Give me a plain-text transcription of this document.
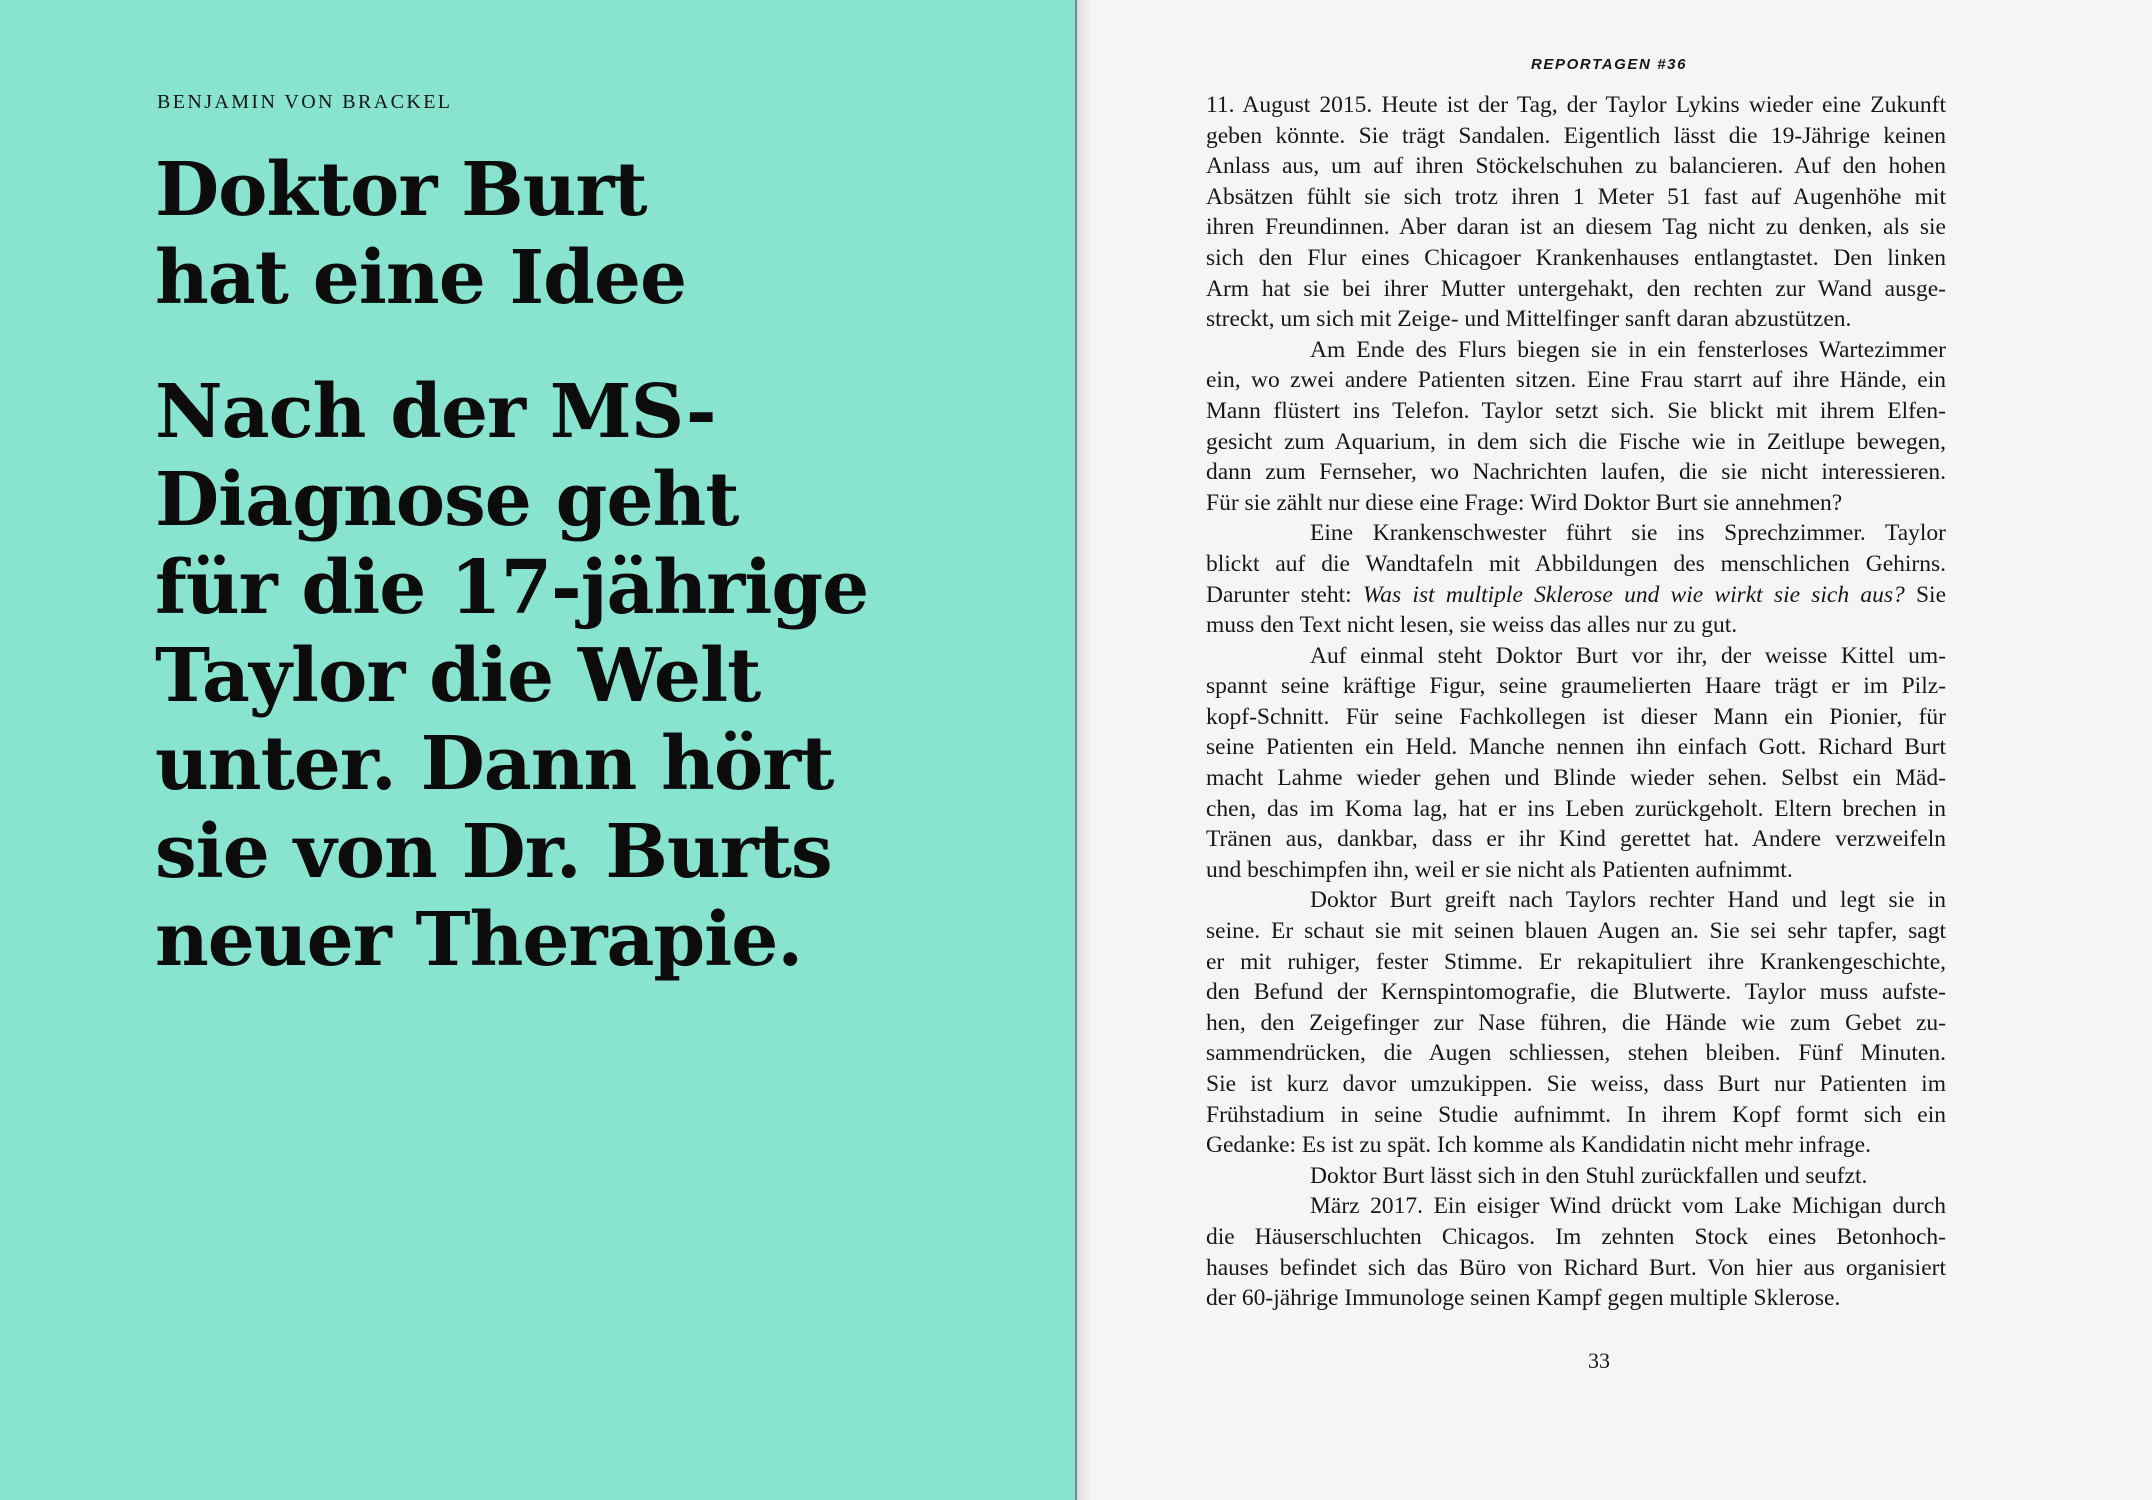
BENJAMIN VON BRACKEL
Doktor Burt
hat eine Idee
Nach der MS-
Diagnose geht
für die 17-jährige
Taylor die Welt
unter. Dann hört
sie von Dr. Burts
neuer Therapie.
REPORTAGEN #36
11. August 2015. Heute ist der Tag, der Taylor Lykins wieder eine Zukunft
geben könnte. Sie trägt Sandalen. Eigentlich lässt die 19-Jährige keinen
Anlass aus, um auf ihren Stöckelschuhen zu balancieren. Auf den hohen
Absätzen fühlt sie sich trotz ihren 1 Meter 51 fast auf Augenhöhe mit
ihren Freundinnen. Aber daran ist an diesem Tag nicht zu denken, als sie
sich den Flur eines Chicagoer Krankenhauses entlangtastet. Den linken
Arm hat sie bei ihrer Mutter untergehakt, den rechten zur Wand ausge-
streckt, um sich mit Zeige- und Mittelfinger sanft daran abzustützen.
Am Ende des Flurs biegen sie in ein fensterloses Wartezimmer
ein, wo zwei andere Patienten sitzen. Eine Frau starrt auf ihre Hände, ein
Mann flüstert ins Telefon. Taylor setzt sich. Sie blickt mit ihrem Elfen-
gesicht zum Aquarium, in dem sich die Fische wie in Zeitlupe bewegen,
dann zum Fernseher, wo Nachrichten laufen, die sie nicht interessieren.
Für sie zählt nur diese eine Frage: Wird Doktor Burt sie annehmen?
Eine Krankenschwester führt sie ins Sprechzimmer. Taylor
blickt auf die Wandtafeln mit Abbildungen des menschlichen Gehirns.
Darunter steht: Was ist multiple Sklerose und wie wirkt sie sich aus? Sie
muss den Text nicht lesen, sie weiss das alles nur zu gut.
Auf einmal steht Doktor Burt vor ihr, der weisse Kittel um-
spannt seine kräftige Figur, seine graumelierten Haare trägt er im Pilz-
kopf-Schnitt. Für seine Fachkollegen ist dieser Mann ein Pionier, für
seine Patienten ein Held. Manche nennen ihn einfach Gott. Richard Burt
macht Lahme wieder gehen und Blinde wieder sehen. Selbst ein Mäd-
chen, das im Koma lag, hat er ins Leben zurückgeholt. Eltern brechen in
Tränen aus, dankbar, dass er ihr Kind gerettet hat. Andere verzweifeln
und beschimpfen ihn, weil er sie nicht als Patienten aufnimmt.
Doktor Burt greift nach Taylors rechter Hand und legt sie in
seine. Er schaut sie mit seinen blauen Augen an. Sie sei sehr tapfer, sagt
er mit ruhiger, fester Stimme. Er rekapituliert ihre Krankengeschichte,
den Befund der Kernspintomografie, die Blutwerte. Taylor muss aufste-
hen, den Zeigefinger zur Nase führen, die Hände wie zum Gebet zu-
sammendrücken, die Augen schliessen, stehen bleiben. Fünf Minuten.
Sie ist kurz davor umzukippen. Sie weiss, dass Burt nur Patienten im
Frühstadium in seine Studie aufnimmt. In ihrem Kopf formt sich ein
Gedanke: Es ist zu spät. Ich komme als Kandidatin nicht mehr infrage.
Doktor Burt lässt sich in den Stuhl zurückfallen und seufzt.
März 2017. Ein eisiger Wind drückt vom Lake Michigan durch
die Häuserschluchten Chicagos. Im zehnten Stock eines Betonhoch-
hauses befindet sich das Büro von Richard Burt. Von hier aus organisiert
der 60-jährige Immunologe seinen Kampf gegen multiple Sklerose.
33
